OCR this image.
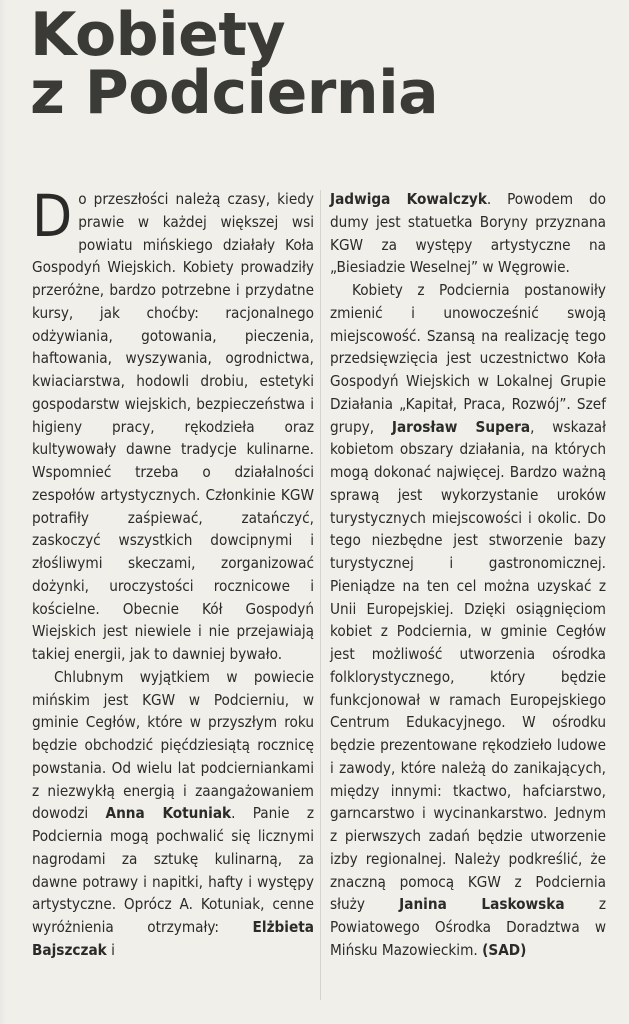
Kobiety
z Podciernia

Do przeszłości należą czasy, kiedy prawie w każdej większej wsi powiatu mińskiego działały Koła Gospodyń Wiejskich. Kobiety prowadziły przeróżne, bardzo potrzebne i przydatne kursy, jak choćby: racjonalnego odżywiania, gotowania, pieczenia, haftowania, wyszywania, ogrodnictwa, kwiaciarstwa, hodowli drobiu, estetyki gospodarstw wiejskich, bezpieczeństwa i higieny pracy, rękodzieła oraz kultywowały dawne tradycje kulinarne. Wspomnieć trzeba o działalności zespołów artystycznych. Członkinie KGW potrafiły zaśpiewać, zatańczyć, zaskoczyć wszystkich dowcipnymi i złośliwymi skeczami, zorganizować dożynki, uroczystości rocznicowe i kościelne. Obecnie Kół Gospodyń Wiejskich jest niewiele i nie przejawiają takiej energii, jak to dawniej bywało.

Chlubnym wyjątkiem w powiecie mińskim jest KGW w Podcierniu, w gminie Cegłów, które w przyszłym roku będzie obchodzić pięćdziesiątą rocznicę powstania. Od wielu lat podcierniankami z niezwykłą energią i zaangażowaniem dowodzi Anna Kotuniak. Panie z Podciernia mogą pochwalić się licznymi nagrodami za sztukę kulinarną, za dawne potrawy i napitki, hafty i występy artystyczne. Oprócz A. Kotuniak, cenne wyróżnienia otrzymały: Elżbieta Bajszczak i

Jadwiga Kowalczyk. Powodem do dumy jest statuetka Boryny przyznana KGW za występy artystyczne na „Biesiadzie Weselnej” w Węgrowie.

Kobiety z Podciernia postanowiły zmienić i unowocześnić swoją miejscowość. Szansą na realizację tego przedsięwzięcia jest uczestnictwo Koła Gospodyń Wiejskich w Lokalnej Grupie Działania „Kapitał, Praca, Rozwój”. Szef grupy, Jarosław Supera, wskazał kobietom obszary działania, na których mogą dokonać najwięcej. Bardzo ważną sprawą jest wykorzystanie uroków turystycznych miejscowości i okolic. Do tego niezbędne jest stworzenie bazy turystycznej i gastronomicznej. Pieniądze na ten cel można uzyskać z Unii Europejskiej. Dzięki osiągnięciom kobiet z Podciernia, w gminie Cegłów jest możliwość utworzenia ośrodka folklorystycznego, który będzie funkcjonował w ramach Europejskiego Centrum Edukacyjnego. W ośrodku będzie prezentowane rękodzieło ludowe i zawody, które należą do zanikających, między innymi: tkactwo, hafciarstwo, garncarstwo i wycinankarstwo. Jednym z pierwszych zadań będzie utworzenie izby regionalnej. Należy podkreślić, że znaczną pomocą KGW z Podciernia służy Janina Laskowska z Powiatowego Ośrodka Doradztwa w Mińsku Mazowieckim. (SAD)
